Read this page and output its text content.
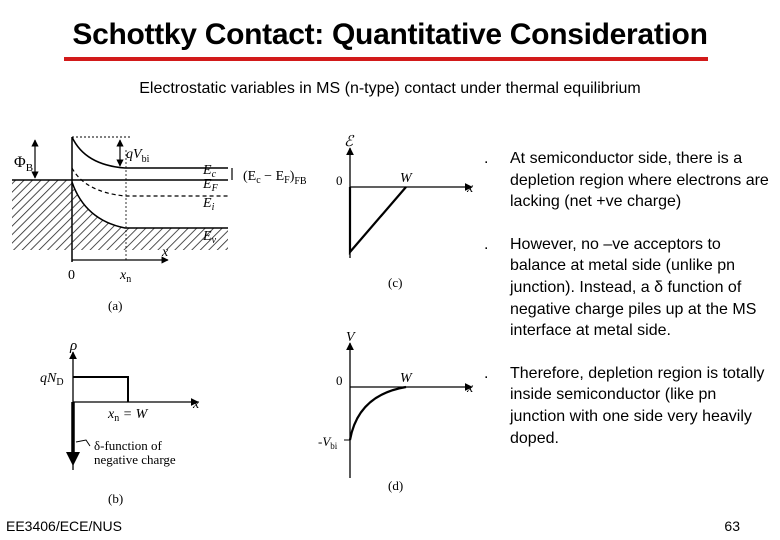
Schottky Contact: Quantitative Consideration
Electrostatic variables in MS (n-type) contact under thermal equilibrium
$\Phi_B$
$qV_{bi}$
$E_c$
$E_F$
$E_i$
$E_v$
$(E_c - E_F)_{FB}$
0	$x_n$
x
(a)
ℰ
0	W
x
(c)
ρ
$qN_D$
$x_n = W$
x
δ-function of
negative charge
(b)
V
0	W
x
$-V_{bi}$
(d)
.	At semiconductor side, there is a depletion region where electrons are lacking (net +ve charge)
.	However, no –ve acceptors to balance at metal side (unlike pn junction). Instead, a δ function of negative charge piles up at the MS interface at metal side.
.	Therefore, depletion region is totally inside semiconductor (like pn junction with one side very heavily doped.
EE3406/ECE/NUS	63
